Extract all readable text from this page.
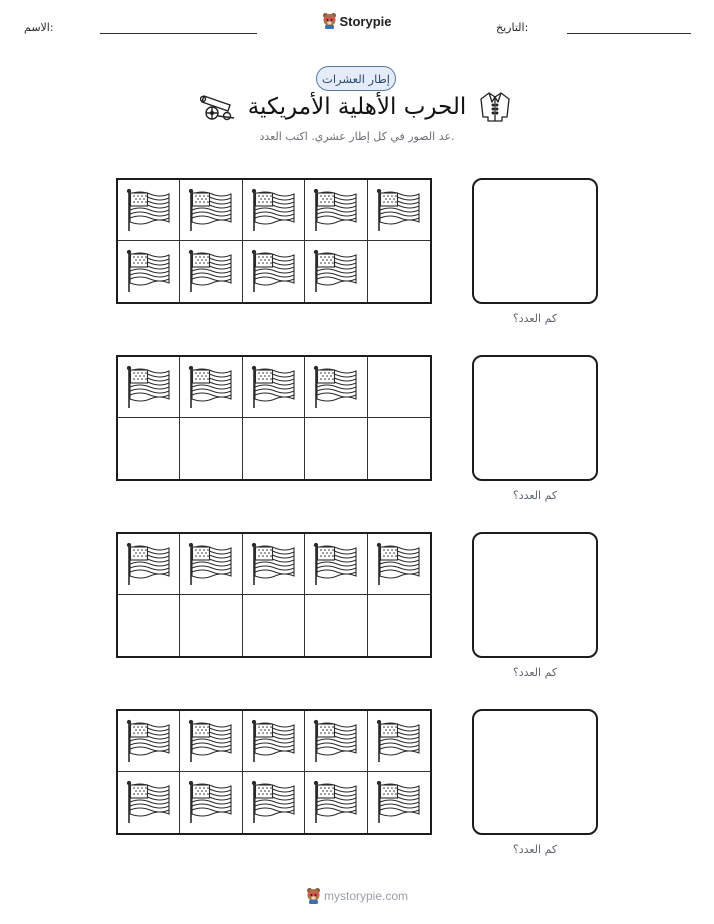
الاسم:	Storypie	التاريخ:
إطار العشرات
الحرب الأهلية الأمريكية
عد الصور في كل إطار عشري. اكتب العدد.
كم العدد؟
كم العدد؟
كم العدد؟
كم العدد؟
mystorypie.com
